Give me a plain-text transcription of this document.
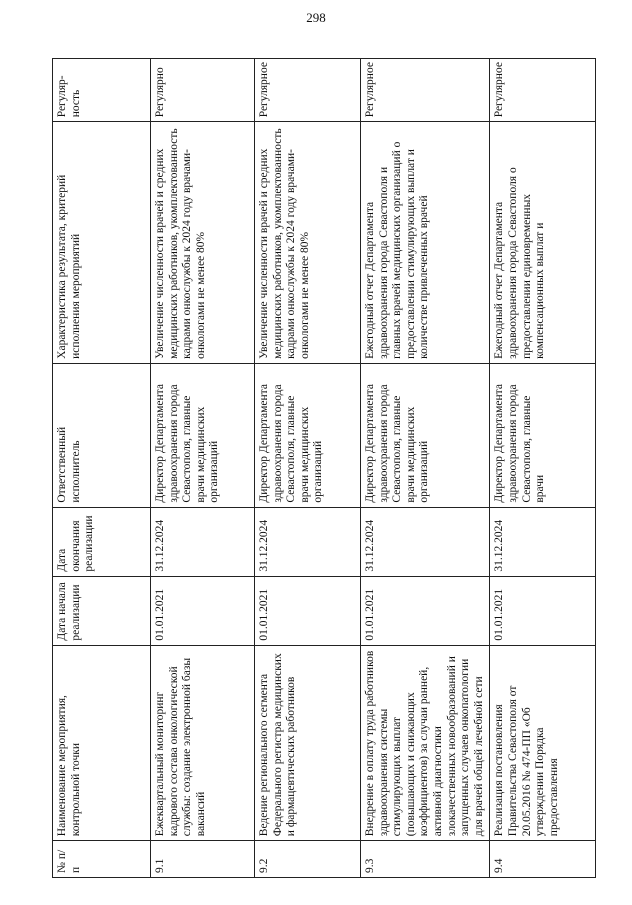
298
№ п/п	Наименование мероприятия, контрольной точки	Дата начала реализации	Дата окончания реализации	Ответственный исполнитель	Характеристика результата, критерий исполнения мероприятий	Регуляр-ность
9.1	Ежеквартальный мониторинг кадрового состава онкологической службы: создание электронной базы вакансий	01.01.2021	31.12.2024	Директор Департамента здравоохранения города Севастополя, главные врачи медицинских организаций	Увеличение численности врачей и средних медицинских работников, укомплектованность кадрами онкослужбы к 2024 году врачами-онкологами не менее 80%	Регулярно
9.2	Ведение регионального сегмента Федерального регистра медицинских и фармацевтических работников	01.01.2021	31.12.2024	Директор Департамента здравоохранения города Севастополя, главные врачи медицинских организаций	Увеличение численности врачей и средних медицинских работников, укомплектованность кадрами онкослужбы к 2024 году врачами-онкологами не менее 80%	Регулярное
9.3	Внедрение в оплату труда работников здравоохранения системы стимулирующих выплат (повышающих и снижающих коэффициентов) за случаи ранней, активной диагностики злокачественных новообразований и запущенных случаев онкопатологии для врачей общей лечебной сети	01.01.2021	31.12.2024	Директор Департамента здравоохранения города Севастополя, главные врачи медицинских организаций	Ежегодный отчет Департамента здравоохранения города Севастополя и главных врачей медицинских организаций о предоставлении стимулирующих выплат и количестве привлеченных врачей	Регулярное
9.4	Реализация постановления Правительства Севастополя от 20.05.2016 № 474-ПП «Об утверждении Порядка предоставления	01.01.2021	31.12.2024	Директор Департамента здравоохранения города Севастополя, главные врачи	Ежегодный отчет Департамента здравоохранения города Севастополя о предоставлении единовременных компенсационных выплат и	Регулярное
